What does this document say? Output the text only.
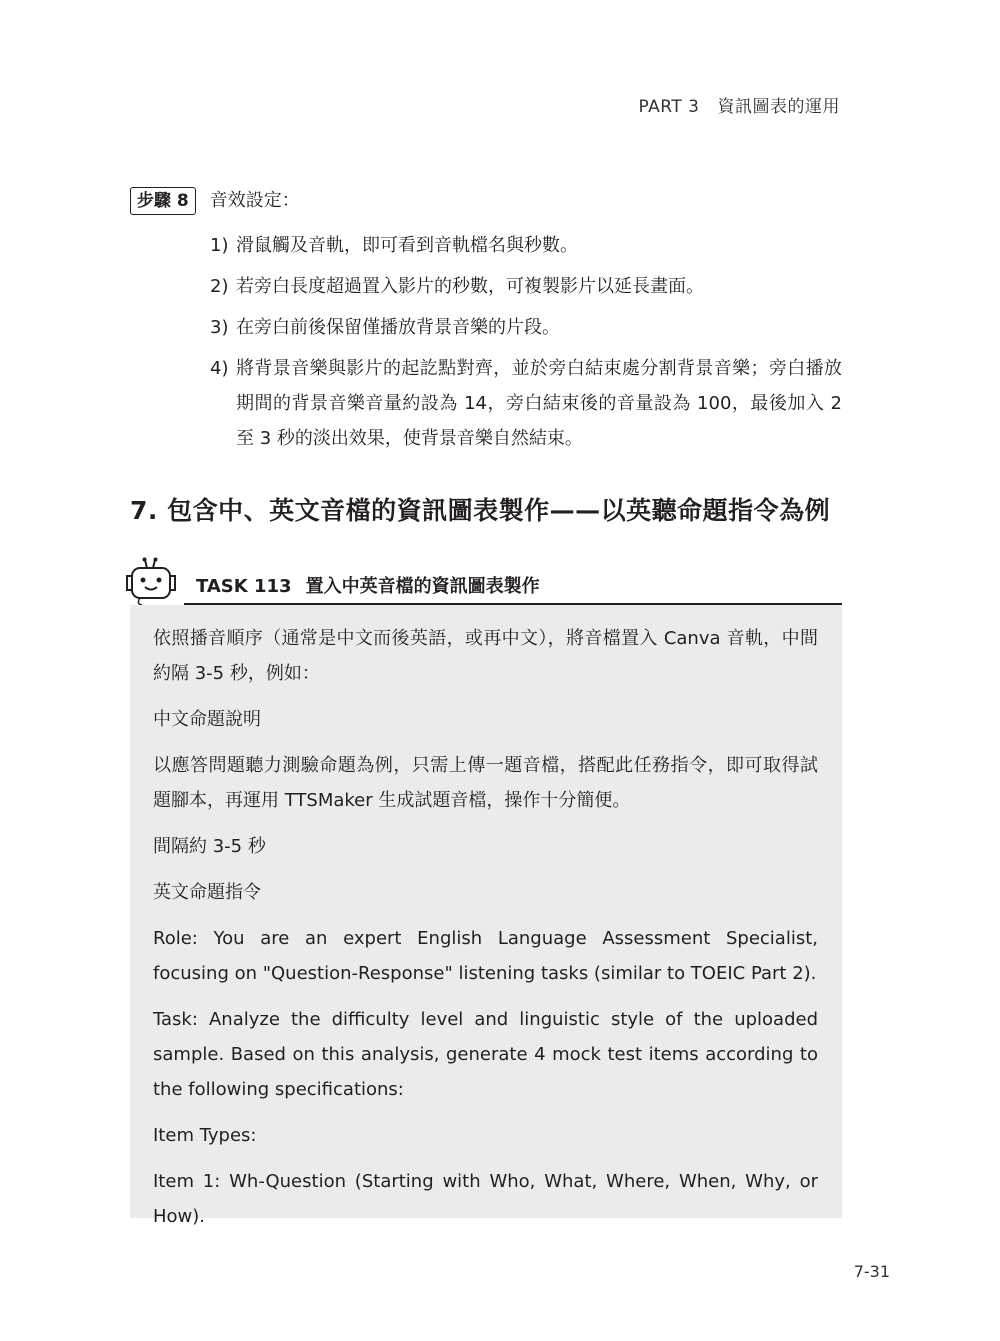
PART 3 資訊圖表的運用
步驟 8	音效設定：
1) 滑鼠觸及音軌，即可看到音軌檔名與秒數。
2) 若旁白長度超過置入影片的秒數，可複製影片以延長畫面。
3) 在旁白前後保留僅播放背景音樂的片段。
4) 將背景音樂與影片的起訖點對齊，並於旁白結束處分割背景音樂；旁白播放期間的背景音樂音量約設為 14，旁白結束後的音量設為 100，最後加入 2 至 3 秒的淡出效果，使背景音樂自然結束。
7. 包含中、英文音檔的資訊圖表製作——以英聽命題指令為例
TASK 113 置入中英音檔的資訊圖表製作

依照播音順序（通常是中文而後英語，或再中文），將音檔置入 Canva 音軌，中間約隔 3-5 秒，例如：

中文命題說明

以應答問題聽力測驗命題為例，只需上傳一題音檔，搭配此任務指令，即可取得試題腳本，再運用 TTSMaker 生成試題音檔，操作十分簡便。

間隔約 3-5 秒

英文命題指令

Role: You are an expert English Language Assessment Specialist, focusing on "Question-Response" listening tasks (similar to TOEIC Part 2).

Task: Analyze the difficulty level and linguistic style of the uploaded sample. Based on this analysis, generate 4 mock test items according to the following specifications:

Item Types:

Item 1: Wh-Question (Starting with Who, What, Where, When, Why, or How).

7-31
